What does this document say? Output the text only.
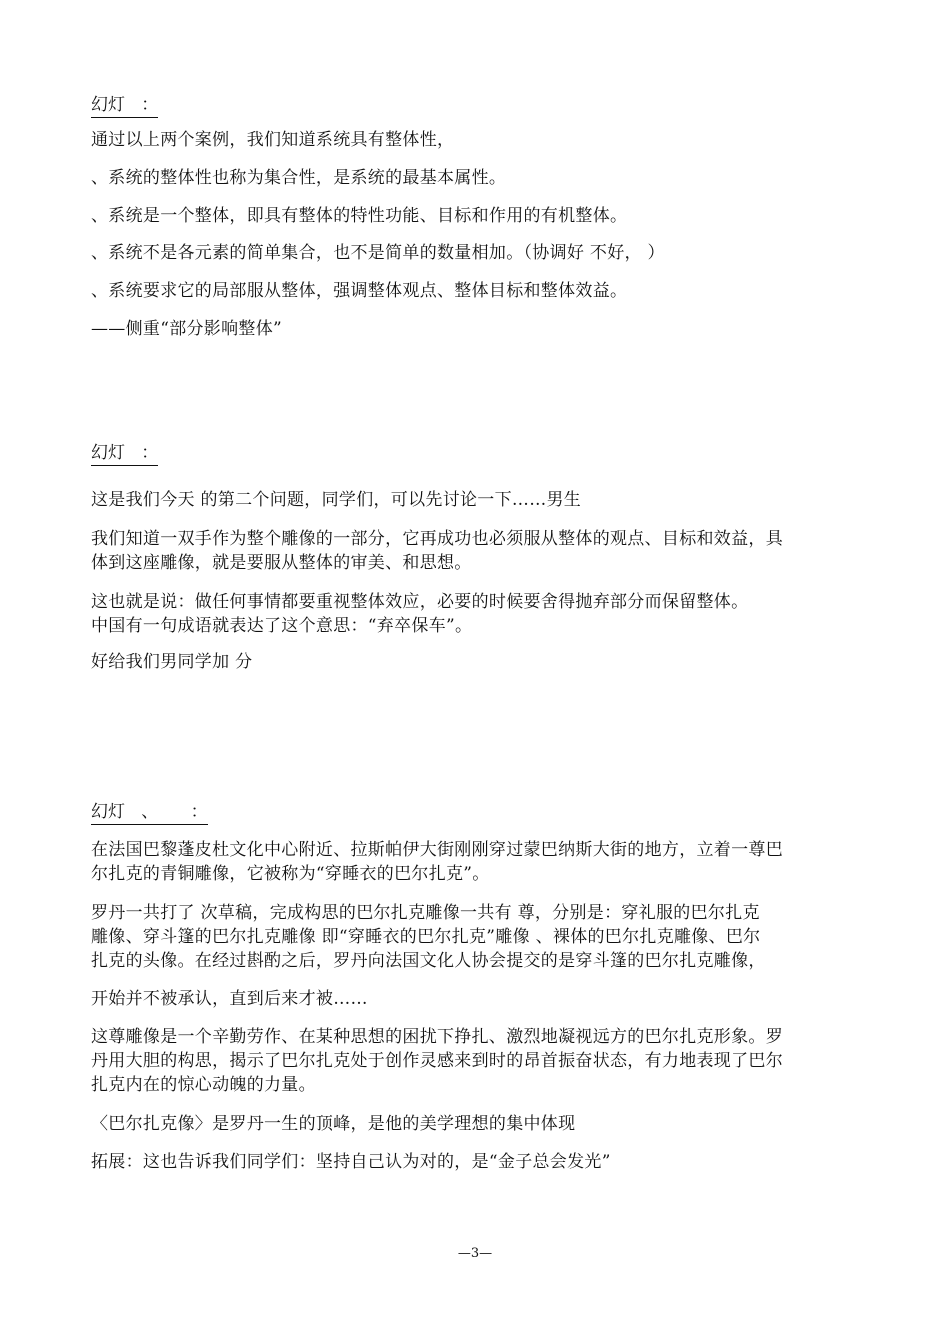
幻灯   ：
通过以上两个案例，我们知道系统具有整体性，
、系统的整体性也称为集合性，是系统的最基本属性。
、系统是一个整体，即具有整体的特性功能、目标和作用的有机整体。
、系统不是各元素的简单集合，也不是简单的数量相加。（协调好 不好， ）
、系统要求它的局部服从整体，强调整体观点、整体目标和整体效益。
——侧重“部分影响整体”
幻灯   ：
这是我们今天 的第二个问题，同学们，可以先讨论一下……男生
我们知道一双手作为整个雕像的一部分，它再成功也必须服从整体的观点、目标和效益，具
体到这座雕像，就是要服从整体的审美、和思想。
这也就是说：做任何事情都要重视整体效应，必要的时候要舍得抛弃部分而保留整体。
中国有一句成语就表达了这个意思：“弃卒保车”。
好给我们男同学加 分
幻灯   、      ：
在法国巴黎蓬皮杜文化中心附近、拉斯帕伊大街刚刚穿过蒙巴纳斯大街的地方，立着一尊巴
尔扎克的青铜雕像，它被称为“穿睡衣的巴尔扎克”。
罗丹一共打了 次草稿，完成构思的巴尔扎克雕像一共有 尊，分别是：穿礼服的巴尔扎克
雕像、穿斗篷的巴尔扎克雕像 即“穿睡衣的巴尔扎克”雕像 、裸体的巴尔扎克雕像、巴尔
扎克的头像。在经过斟酌之后，罗丹向法国文化人协会提交的是穿斗篷的巴尔扎克雕像，
开始并不被承认，直到后来才被……
这尊雕像是一个辛勤劳作、在某种思想的困扰下挣扎、激烈地凝视远方的巴尔扎克形象。罗
丹用大胆的构思，揭示了巴尔扎克处于创作灵感来到时的昂首振奋状态，有力地表现了巴尔
扎克内在的惊心动魄的力量。
〈巴尔扎克像〉是罗丹一生的顶峰，是他的美学理想的集中体现
拓展：这也告诉我们同学们：坚持自己认为对的，是“金子总会发光”
—3—
